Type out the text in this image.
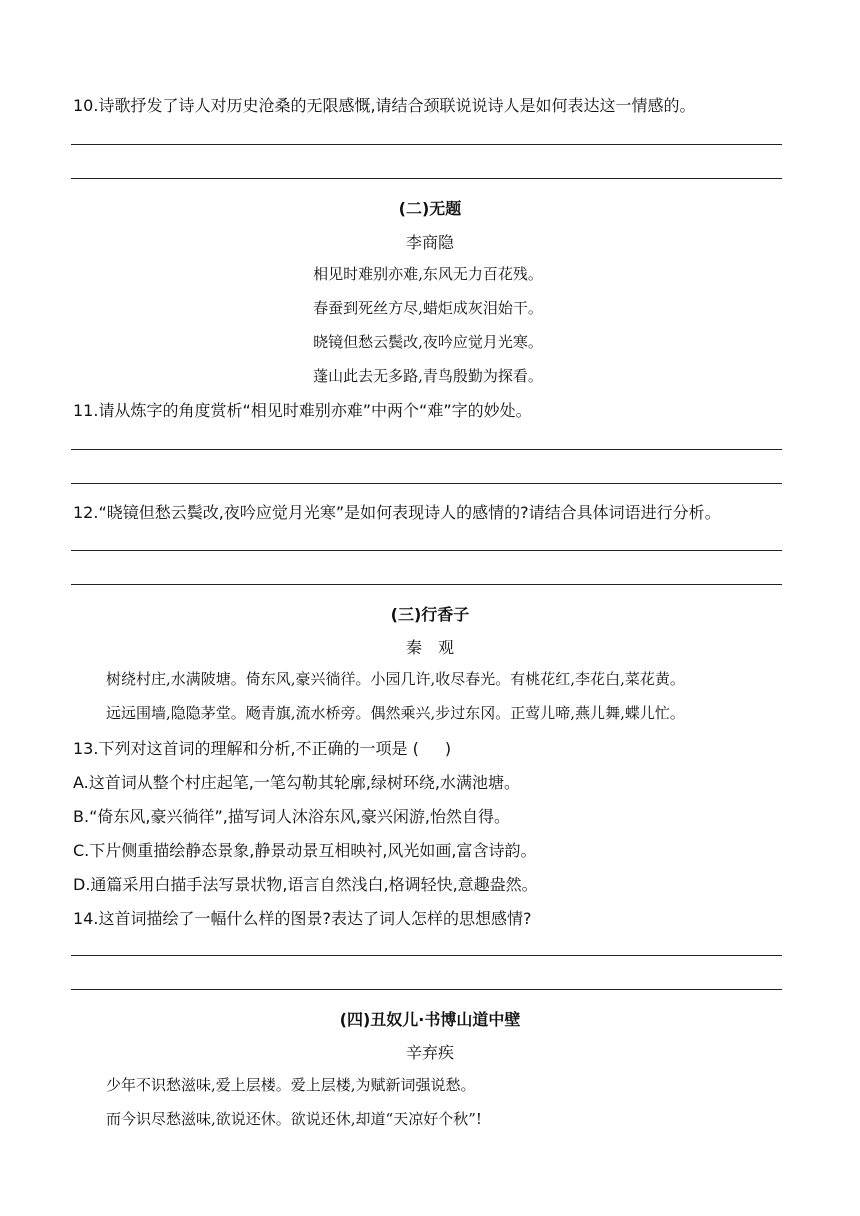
10.诗歌抒发了诗人对历史沧桑的无限感慨,请结合颈联说说诗人是如何表达这一情感的。
(二)无题
李商隐
相见时难别亦难,东风无力百花残。
春蚕到死丝方尽,蜡炬成灰泪始干。
晓镜但愁云鬓改,夜吟应觉月光寒。
蓬山此去无多路,青鸟殷勤为探看。
11.请从炼字的角度赏析“相见时难别亦难”中两个“难”字的妙处。
12.“晓镜但愁云鬓改,夜吟应觉月光寒”是如何表现诗人的感情的?请结合具体词语进行分析。
(三)行香子
秦　观
树绕村庄,水满陂塘。倚东风,豪兴徜徉。小园几许,收尽春光。有桃花红,李花白,菜花黄。
远远围墙,隐隐茅堂。飏青旗,流水桥旁。偶然乘兴,步过东冈。正莺儿啼,燕儿舞,蝶儿忙。
13.下列对这首词的理解和分析,不正确的一项是 ( )
A.这首词从整个村庄起笔,一笔勾勒其轮廓,绿树环绕,水满池塘。
B.“倚东风,豪兴徜徉”,描写词人沐浴东风,豪兴闲游,怡然自得。
C.下片侧重描绘静态景象,静景动景互相映衬,风光如画,富含诗韵。
D.通篇采用白描手法写景状物,语言自然浅白,格调轻快,意趣盎然。
14.这首词描绘了一幅什么样的图景?表达了词人怎样的思想感情?
(四)丑奴儿·书博山道中壁
辛弃疾
少年不识愁滋味,爱上层楼。爱上层楼,为赋新词强说愁。
而今识尽愁滋味,欲说还休。欲说还休,却道“天凉好个秋”!
